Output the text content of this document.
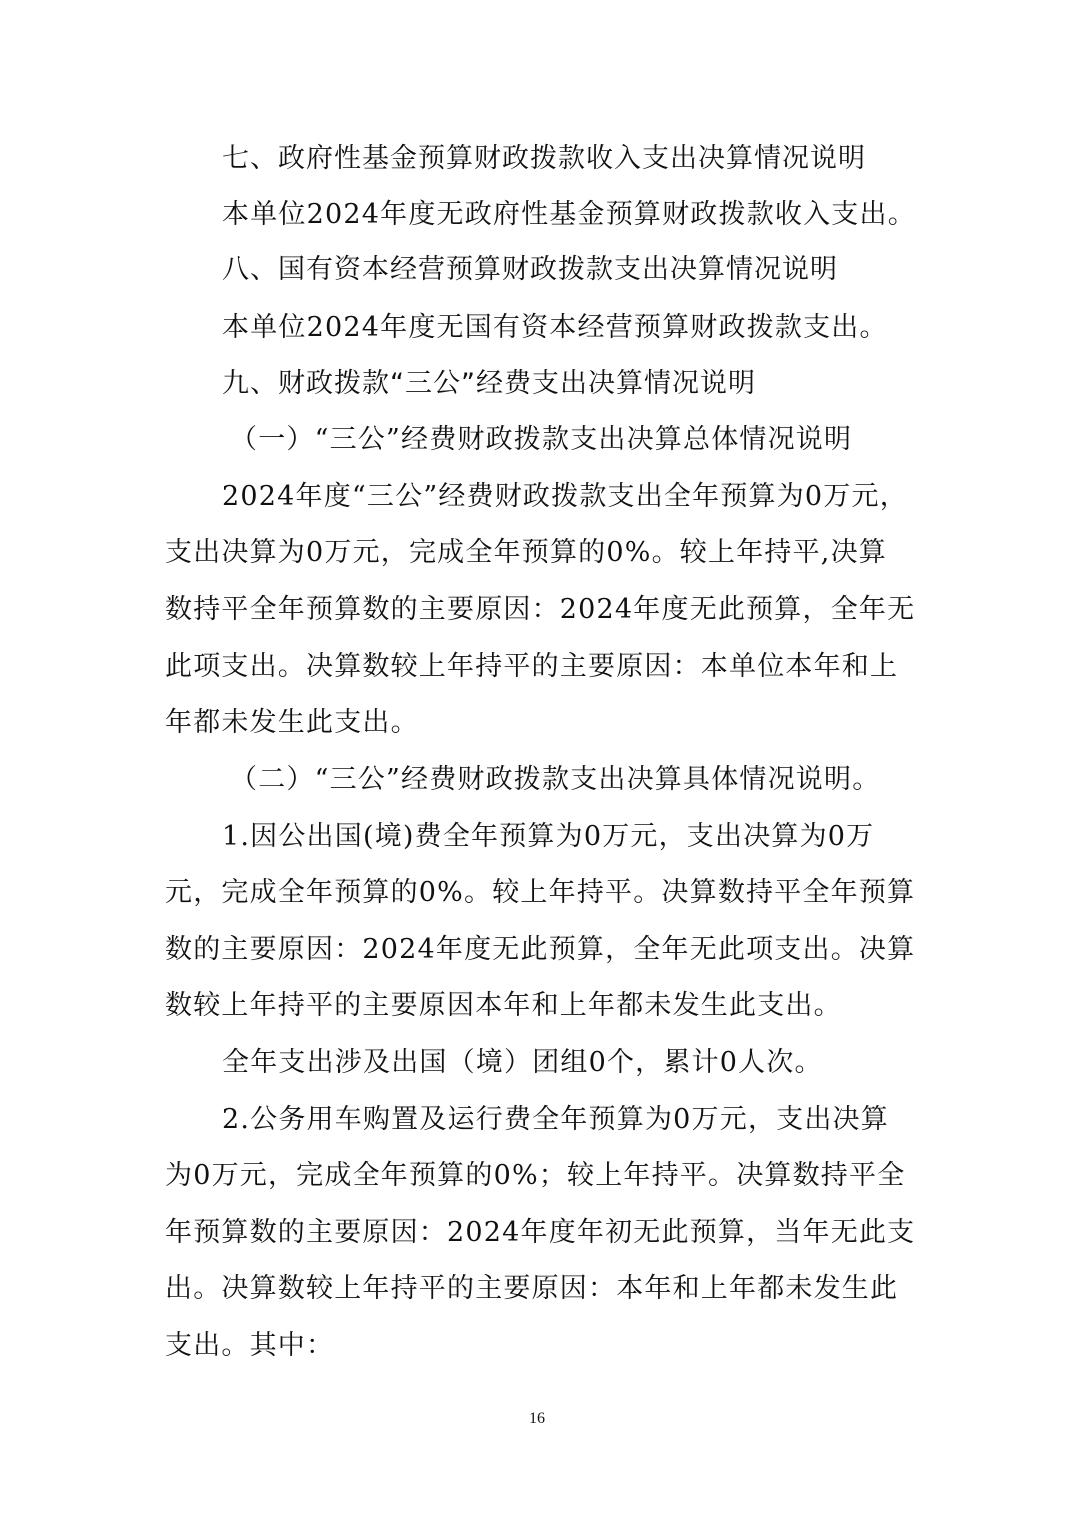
七、政府性基金预算财政拨款收入支出决算情况说明
本单位2024年度无政府性基金预算财政拨款收入支出。
八、国有资本经营预算财政拨款支出决算情况说明
本单位2024年度无国有资本经营预算财政拨款支出。
九、财政拨款“三公”经费支出决算情况说明
（一）“三公”经费财政拨款支出决算总体情况说明
2024年度“三公”经费财政拨款支出全年预算为0万元，
支出决算为0万元，完成全年预算的0%。较上年持平,决算
数持平全年预算数的主要原因：2024年度无此预算，全年无
此项支出。决算数较上年持平的主要原因：本单位本年和上
年都未发生此支出。
（二）“三公”经费财政拨款支出决算具体情况说明。
1.因公出国(境)费全年预算为0万元，支出决算为0万
元，完成全年预算的0%。较上年持平。决算数持平全年预算
数的主要原因：2024年度无此预算，全年无此项支出。决算
数较上年持平的主要原因本年和上年都未发生此支出。
全年支出涉及出国（境）团组0个，累计0人次。
2.公务用车购置及运行费全年预算为0万元，支出决算
为0万元，完成全年预算的0%；较上年持平。决算数持平全
年预算数的主要原因：2024年度年初无此预算，当年无此支
出。决算数较上年持平的主要原因：本年和上年都未发生此
支出。其中：
16
